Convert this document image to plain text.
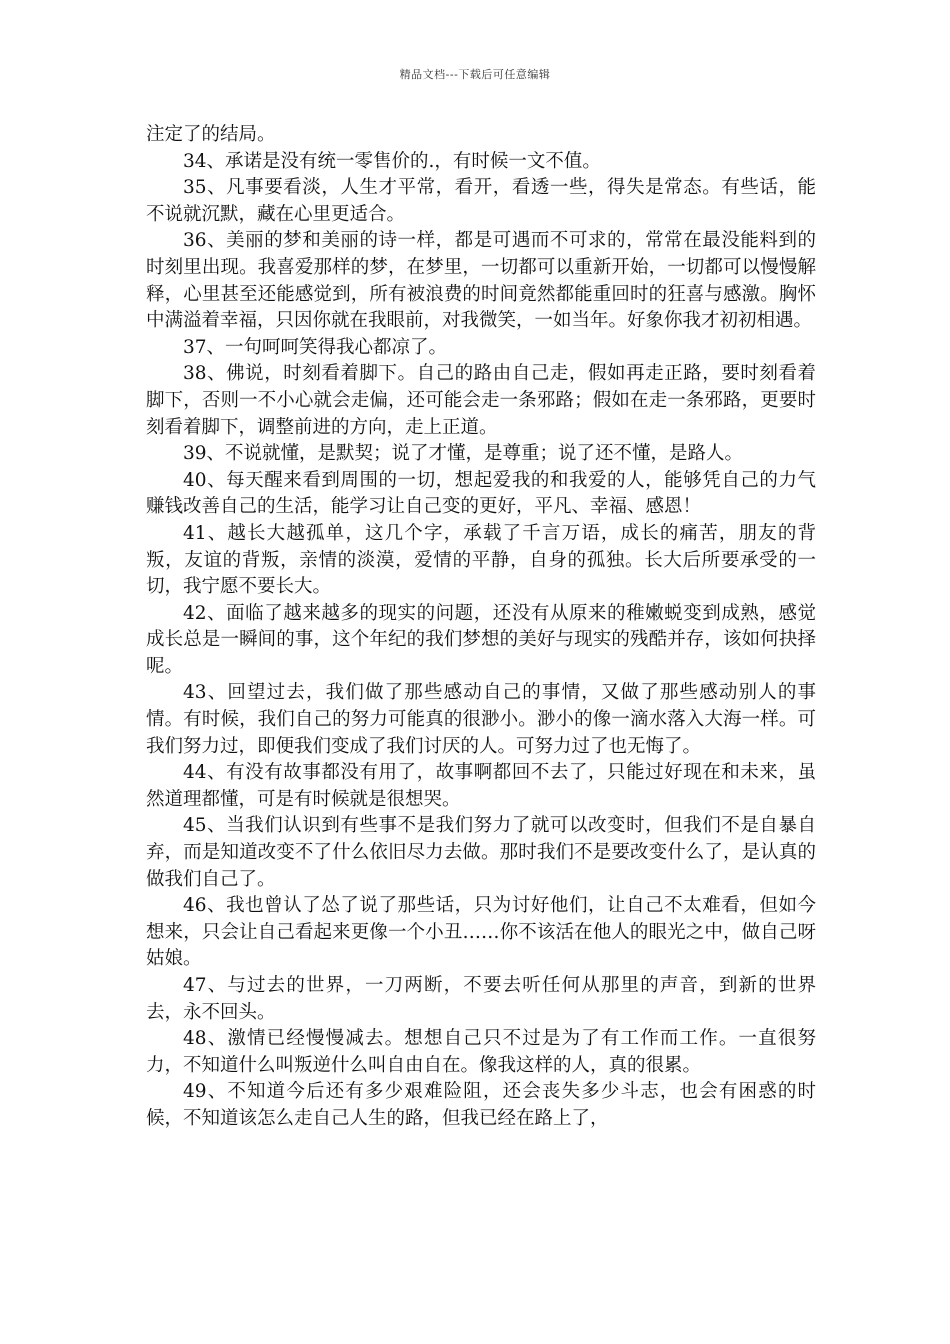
精品文档---下载后可任意编辑

注定了的结局。

34、承诺是没有统一零售价的.，有时候一文不值。

35、凡事要看淡，人生才平常，看开，看透一些，得失是常态。有些话，能不说就沉默，藏在心里更适合。

36、美丽的梦和美丽的诗一样，都是可遇而不可求的，常常在最没能料到的时刻里出现。我喜爱那样的梦，在梦里，一切都可以重新开始，一切都可以慢慢解释，心里甚至还能感觉到，所有被浪费的时间竟然都能重回时的狂喜与感激。胸怀中满溢着幸福，只因你就在我眼前，对我微笑，一如当年。好象你我才初初相遇。

37、一句呵呵笑得我心都凉了。

38、佛说，时刻看着脚下。自己的路由自己走，假如再走正路，要时刻看着脚下，否则一不小心就会走偏，还可能会走一条邪路；假如在走一条邪路，更要时刻看着脚下，调整前进的方向，走上正道。

39、不说就懂，是默契；说了才懂，是尊重；说了还不懂，是路人。

40、每天醒来看到周围的一切，想起爱我的和我爱的人，能够凭自己的力气赚钱改善自己的生活，能学习让自己变的更好，平凡、幸福、感恩！

41、越长大越孤单，这几个字，承载了千言万语，成长的痛苦，朋友的背叛，友谊的背叛，亲情的淡漠，爱情的平静，自身的孤独。长大后所要承受的一切，我宁愿不要长大。

42、面临了越来越多的现实的问题，还没有从原来的稚嫩蜕变到成熟，感觉成长总是一瞬间的事，这个年纪的我们梦想的美好与现实的残酷并存，该如何抉择呢。

43、回望过去，我们做了那些感动自己的事情，又做了那些感动别人的事情。有时候，我们自己的努力可能真的很渺小。渺小的像一滴水落入大海一样。可我们努力过，即便我们变成了我们讨厌的人。可努力过了也无悔了。

44、有没有故事都没有用了，故事啊都回不去了，只能过好现在和未来，虽然道理都懂，可是有时候就是很想哭。

45、当我们认识到有些事不是我们努力了就可以改变时，但我们不是自暴自弃，而是知道改变不了什么依旧尽力去做。那时我们不是要改变什么了，是认真的做我们自己了。

46、我也曾认了怂了说了那些话，只为讨好他们，让自己不太难看，但如今想来，只会让自己看起来更像一个小丑……你不该活在他人的眼光之中，做自己呀姑娘。

47、与过去的世界，一刀两断，不要去听任何从那里的声音，到新的世界去，永不回头。

48、激情已经慢慢减去。想想自己只不过是为了有工作而工作。一直很努力，不知道什么叫叛逆什么叫自由自在。像我这样的人，真的很累。

49、不知道今后还有多少艰难险阻，还会丧失多少斗志，也会有困惑的时候，不知道该怎么走自己人生的路，但我已经在路上了，
